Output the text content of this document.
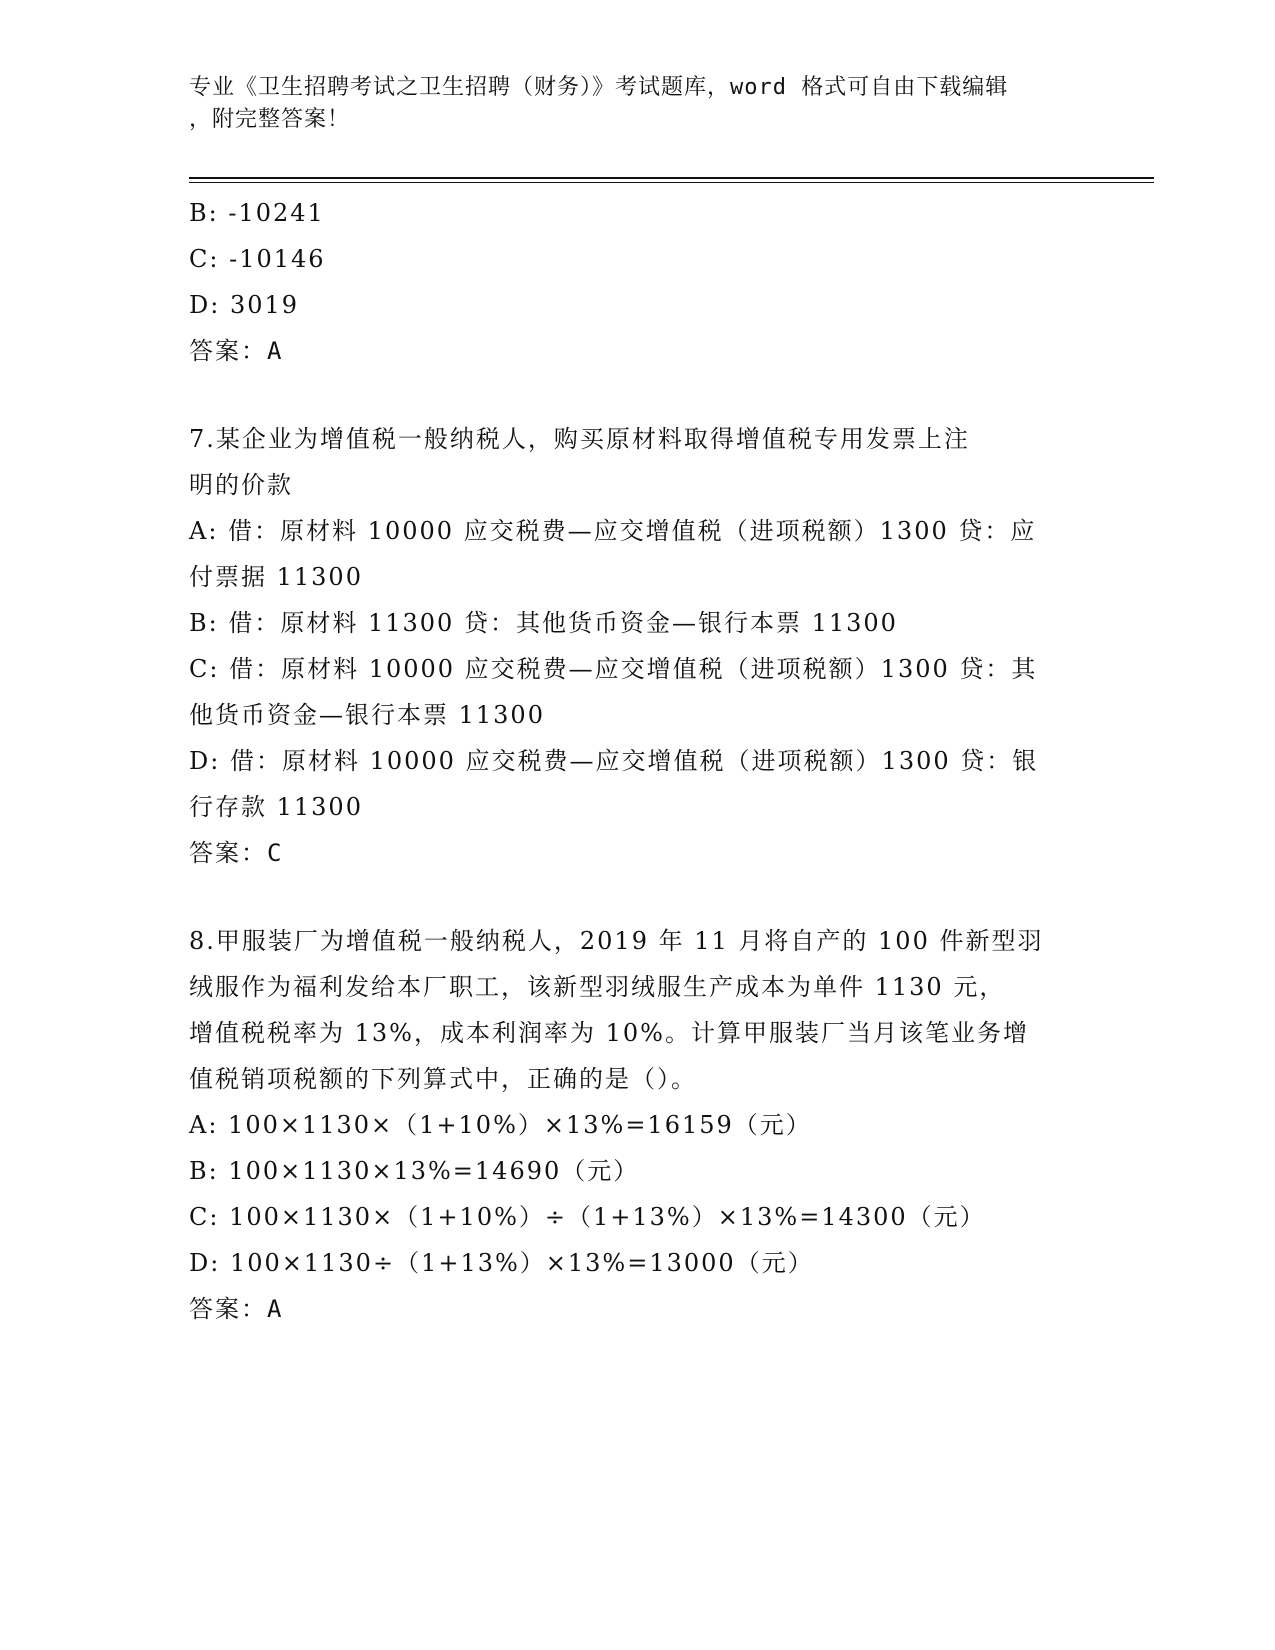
专业《卫生招聘考试之卫生招聘（财务）》考试题库，word 格式可自由下载编辑
，附完整答案！
B: -10241
C: -10146
D: 3019
答案：A
7.某企业为增值税一般纳税人，购买原材料取得增值税专用发票上注
明的价款
A: 借：原材料 10000 应交税费—应交增值税（进项税额）1300 贷：应
付票据 11300
B: 借：原材料 11300 贷：其他货币资金—银行本票 11300
C: 借：原材料 10000 应交税费—应交增值税（进项税额）1300 贷：其
他货币资金—银行本票 11300
D: 借：原材料 10000 应交税费—应交增值税（进项税额）1300 贷：银
行存款 11300
答案：C
8.甲服装厂为增值税一般纳税人，2019 年 11 月将自产的 100 件新型羽
绒服作为福利发给本厂职工，该新型羽绒服生产成本为单件 1130 元，
增值税税率为 13%，成本利润率为 10%。计算甲服装厂当月该笔业务增
值税销项税额的下列算式中，正确的是（）。
A: 100×1130×（1+10%）×13%=16159（元）
B: 100×1130×13%=14690（元）
C: 100×1130×（1+10%）÷（1+13%）×13%=14300（元）
D: 100×1130÷（1+13%）×13%=13000（元）
答案：A
